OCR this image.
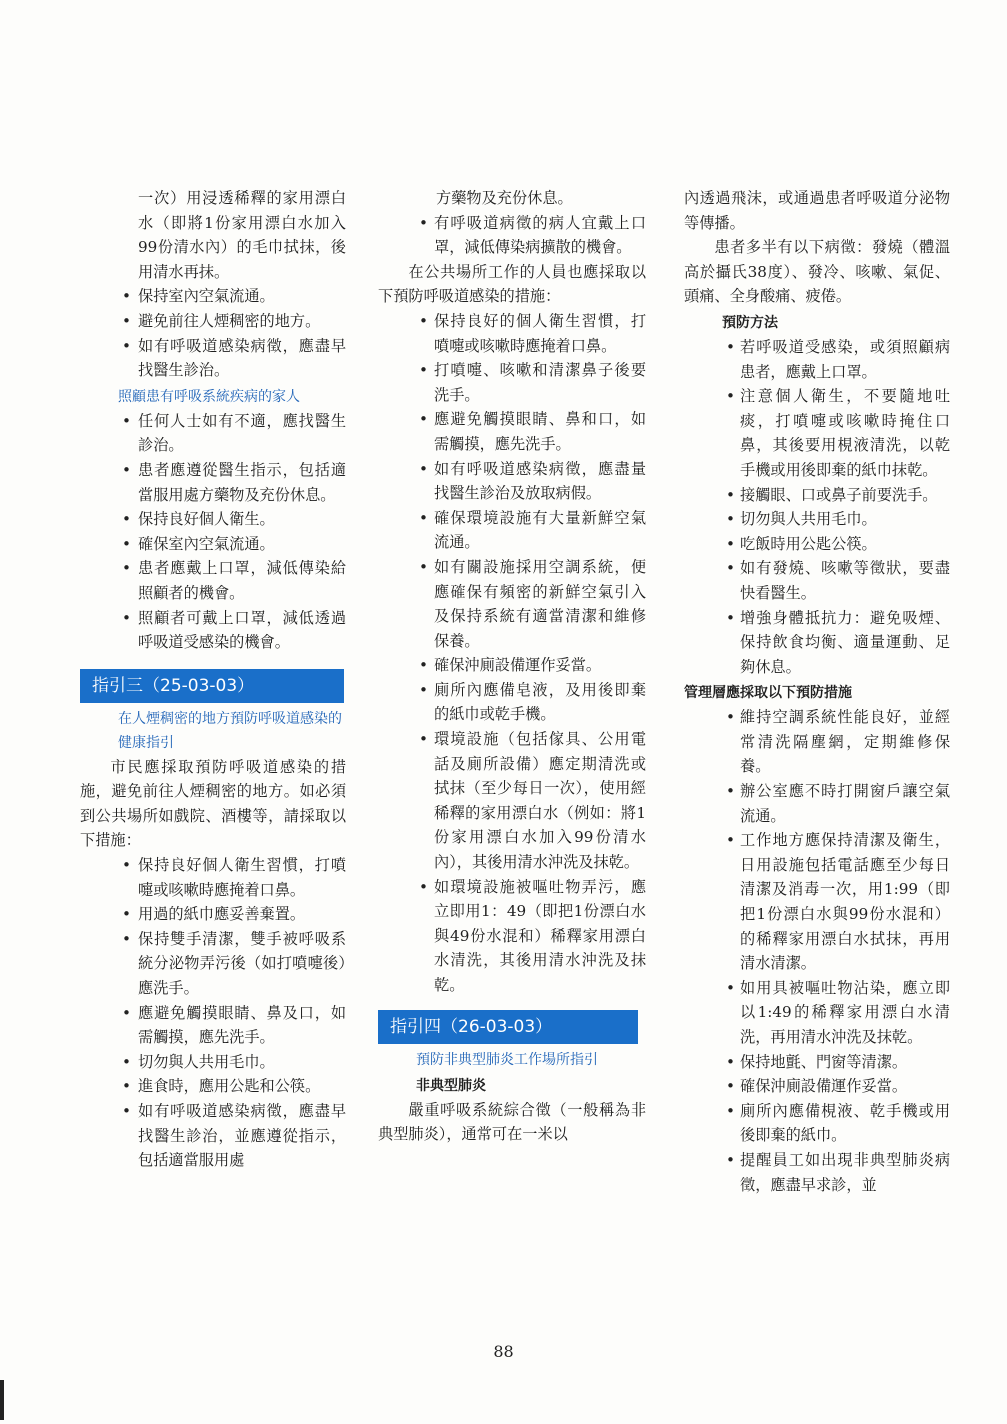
一次）用浸透稀釋的家用漂白水（即將1份家用漂白水加入99份清水內）的毛巾拭抹，後用清水再抹。

• 保持室內空氣流通。
• 避免前往人煙稠密的地方。
• 如有呼吸道感染病徵，應盡早找醫生診治。
照顧患有呼吸系統疾病的家人
• 任何人士如有不適，應找醫生診治。
• 患者應遵從醫生指示，包括適當服用處方藥物及充份休息。
• 保持良好個人衛生。
• 確保室內空氣流通。
• 患者應戴上口罩，減低傳染給照顧者的機會。
• 照顧者可戴上口罩，減低透過呼吸道受感染的機會。
指引三（25-03-03）
在人煙稠密的地方預防呼吸道感染的健康指引

市民應採取預防呼吸道感染的措施，避免前往人煙稠密的地方。如必須到公共場所如戲院、酒樓等，請採取以下措施：

• 保持良好個人衛生習慣，打噴嚏或咳嗽時應掩着口鼻。
• 用過的紙巾應妥善棄置。
• 保持雙手清潔，雙手被呼吸系統分泌物弄污後（如打噴嚏後）應洗手。
• 應避免觸摸眼睛、鼻及口，如需觸摸，應先洗手。
• 切勿與人共用毛巾。
• 進食時，應用公匙和公筷。
• 如有呼吸道感染病徵，應盡早找醫生診治，並應遵從指示，包括適當服用處

方藥物及充份休息。

• 有呼吸道病徵的病人宜戴上口罩，減低傳染病擴散的機會。

在公共場所工作的人員也應採取以下預防呼吸道感染的措施：

• 保持良好的個人衛生習慣，打噴嚏或咳嗽時應掩着口鼻。
• 打噴嚏、咳嗽和清潔鼻子後要洗手。
• 應避免觸摸眼睛、鼻和口，如需觸摸，應先洗手。
• 如有呼吸道感染病徵，應盡量找醫生診治及放取病假。
• 確保環境設施有大量新鮮空氣流通。
• 如有關設施採用空調系統，便應確保有頻密的新鮮空氣引入及保持系統有適當清潔和維修保養。
• 確保沖廁設備運作妥當。
• 廁所內應備皂液，及用後即棄的紙巾或乾手機。
• 環境設施（包括傢具、公用電話及廁所設備）應定期清洗或拭抹（至少每日一次），使用經稀釋的家用漂白水（例如：將1份家用漂白水加入99份清水內），其後用清水沖洗及抹乾。
• 如環境設施被嘔吐物弄污，應立即用1：49（即把1份漂白水與49份水混和）稀釋家用漂白水清洗，其後用清水沖洗及抹乾。
指引四（26-03-03）
預防非典型肺炎工作場所指引
非典型肺炎

嚴重呼吸系統綜合徵（一般稱為非典型肺炎），通常可在一米以

內透過飛沫，或通過患者呼吸道分泌物等傳播。

患者多半有以下病徵：發燒（體溫高於攝氏38度）、發冷、咳嗽、氣促、頭痛、全身酸痛、疲倦。

預防方法
• 若呼吸道受感染，或須照顧病患者，應戴上口罩。
• 注意個人衛生，不要隨地吐痰，打噴嚏或咳嗽時掩住口鼻，其後要用梘液清洗，以乾手機或用後即棄的紙巾抹乾。
• 接觸眼、口或鼻子前要洗手。
• 切勿與人共用毛巾。
• 吃飯時用公匙公筷。
• 如有發燒、咳嗽等徵狀，要盡快看醫生。
• 增強身體抵抗力：避免吸煙、保持飲食均衡、適量運動、足夠休息。
管理層應採取以下預防措施
• 維持空調系統性能良好，並經常清洗隔塵網，定期維修保養。
• 辦公室應不時打開窗戶讓空氣流通。
• 工作地方應保持清潔及衛生，日用設施包括電話應至少每日清潔及消毒一次，用1:99（即把1份漂白水與99份水混和）的稀釋家用漂白水拭抹，再用清水清潔。
• 如用具被嘔吐物沾染，應立即以1:49的稀釋家用漂白水清洗，再用清水沖洗及抹乾。
• 保持地氈、門窗等清潔。
• 確保沖廁設備運作妥當。
• 廁所內應備梘液、乾手機或用後即棄的紙巾。
• 提醒員工如出現非典型肺炎病徵，應盡早求診，並
88
